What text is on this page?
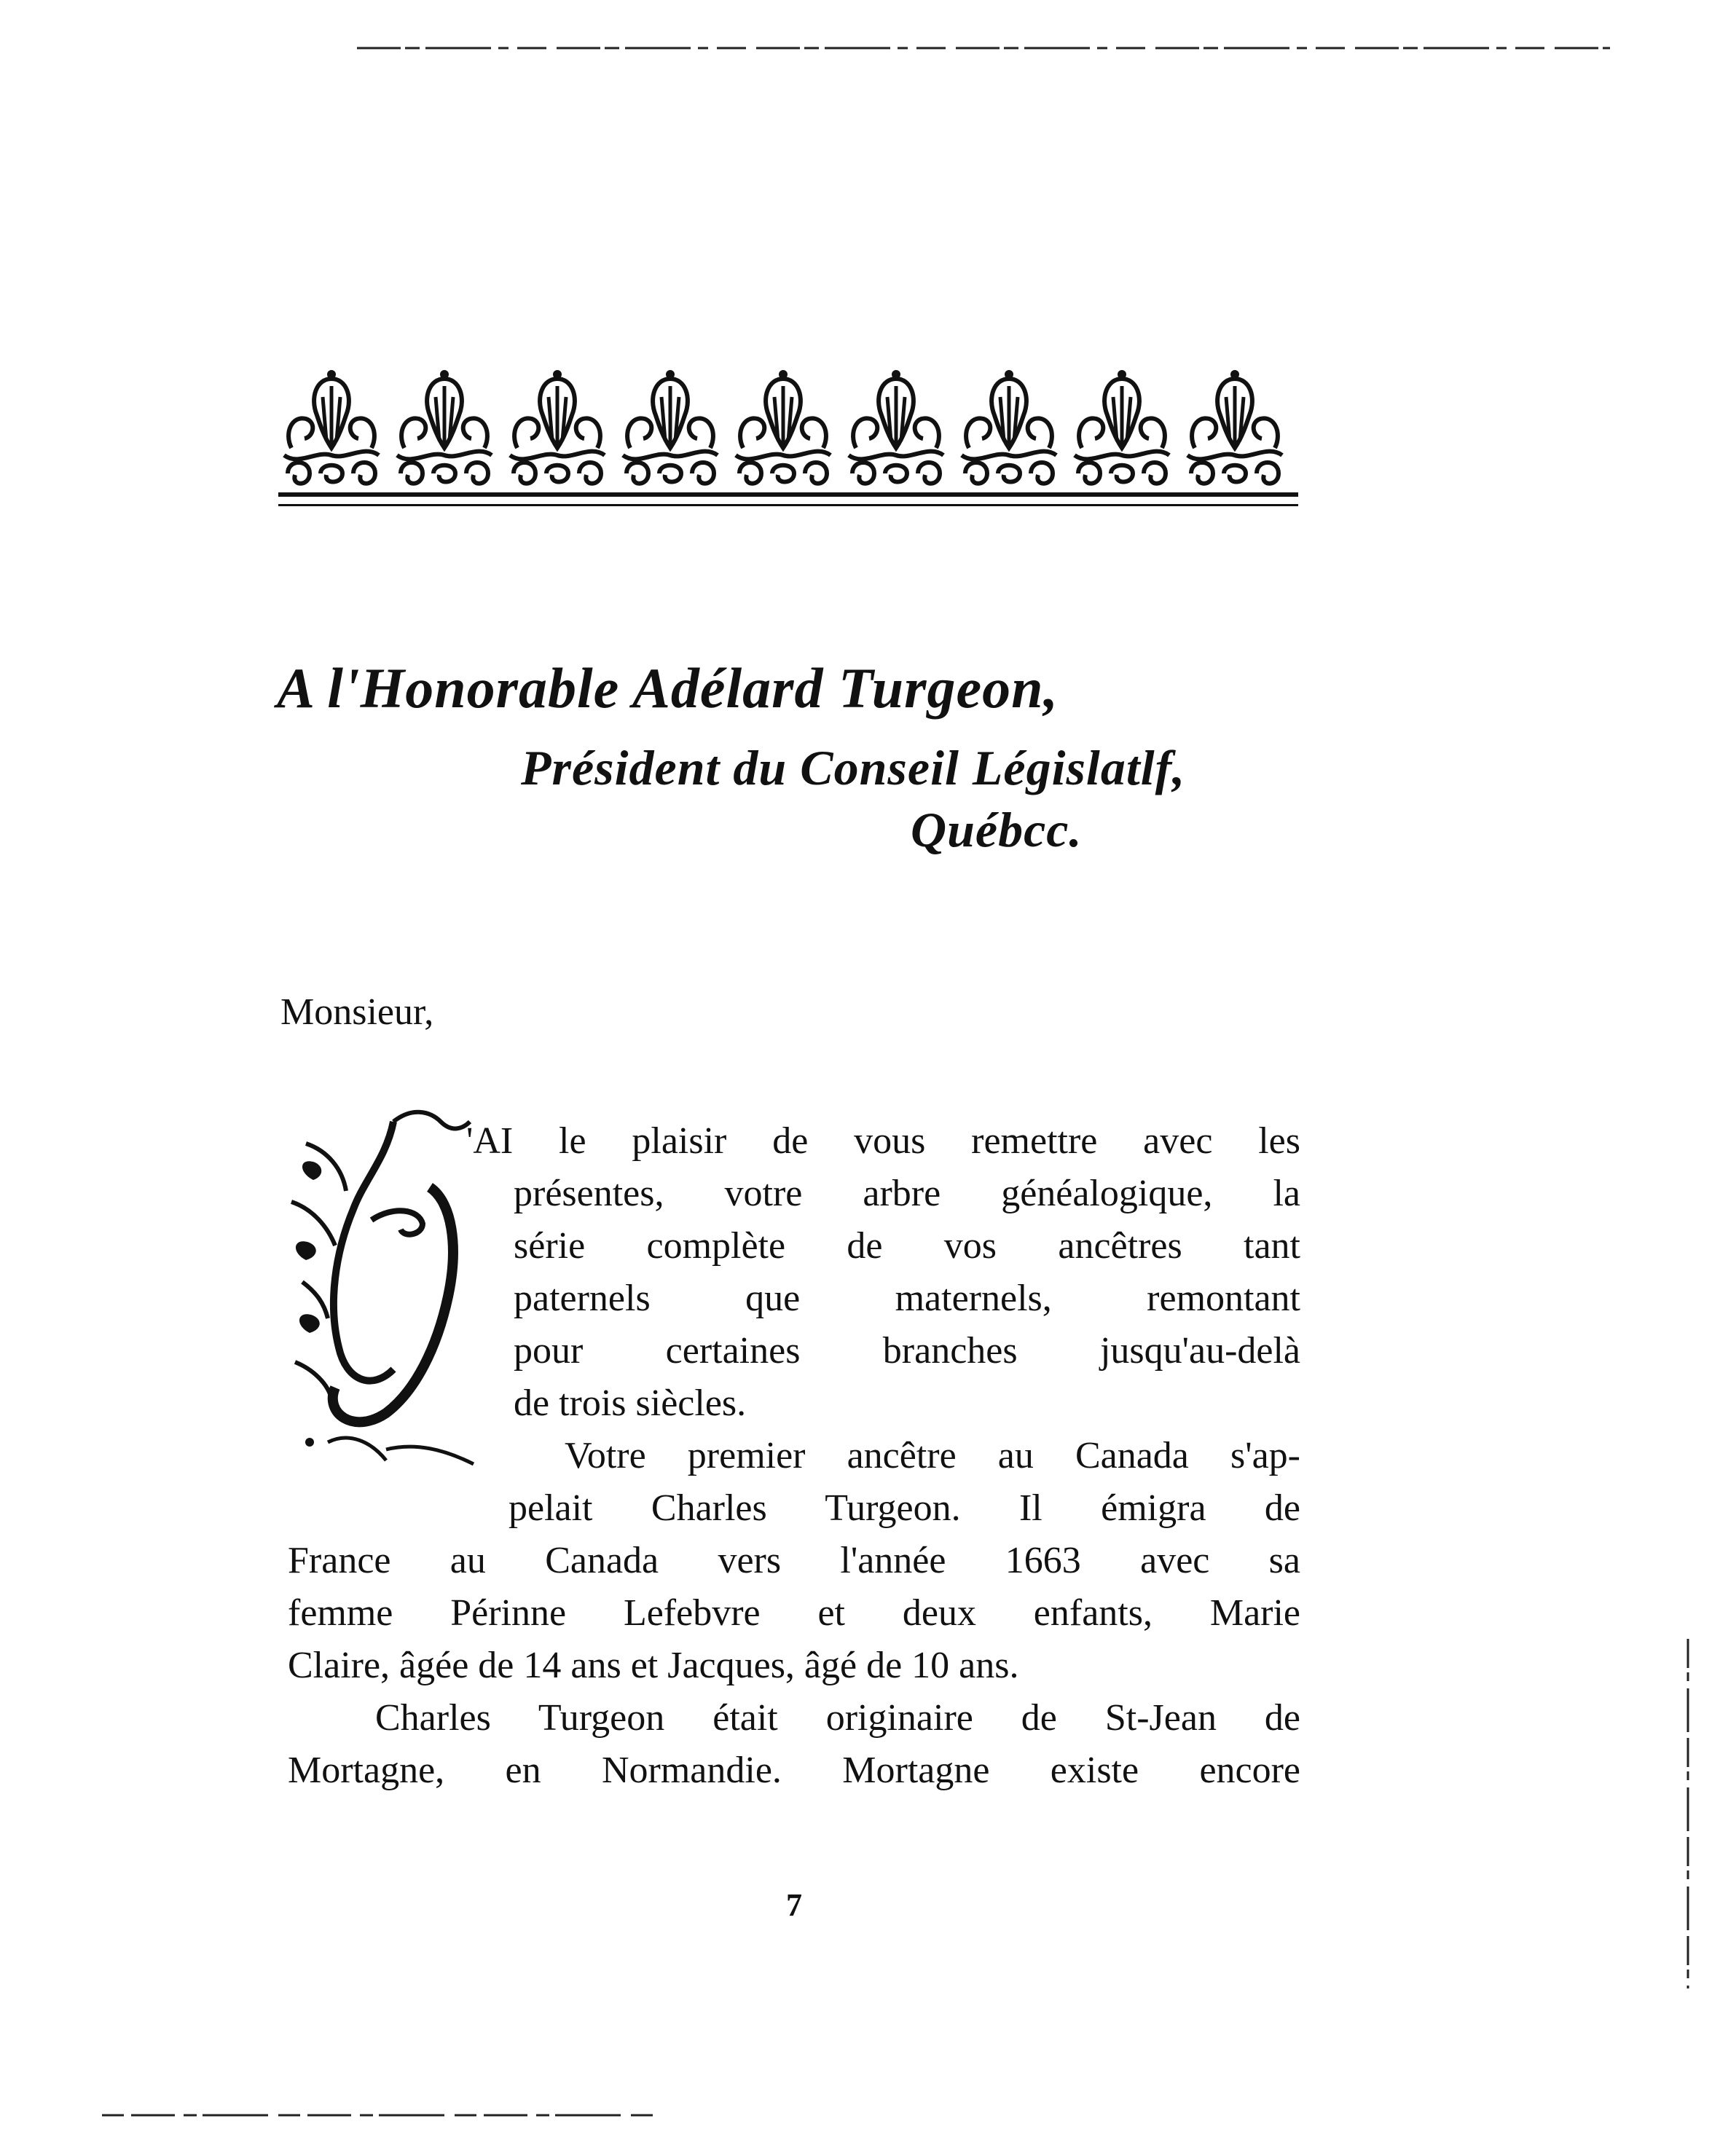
A l'Honorable Adélard Turgeon,
Président du Conseil Législatlf,
Québcc.
Monsieur,
'AI le plaisir de vous remettre avec les
présentes, votre arbre généalogique, la
série complète de vos ancêtres tant
paternels que maternels, remontant
pour certaines branches jusqu'au-delà
de trois siècles.
Votre premier ancêtre au Canada s'ap-
pelait Charles Turgeon. Il émigra de
France au Canada vers l'année 1663 avec sa
femme Périnne Lefebvre et deux enfants, Marie
Claire, âgée de 14 ans et Jacques, âgé de 10 ans.
Charles Turgeon était originaire de St-Jean de
Mortagne, en Normandie. Mortagne existe encore
7
